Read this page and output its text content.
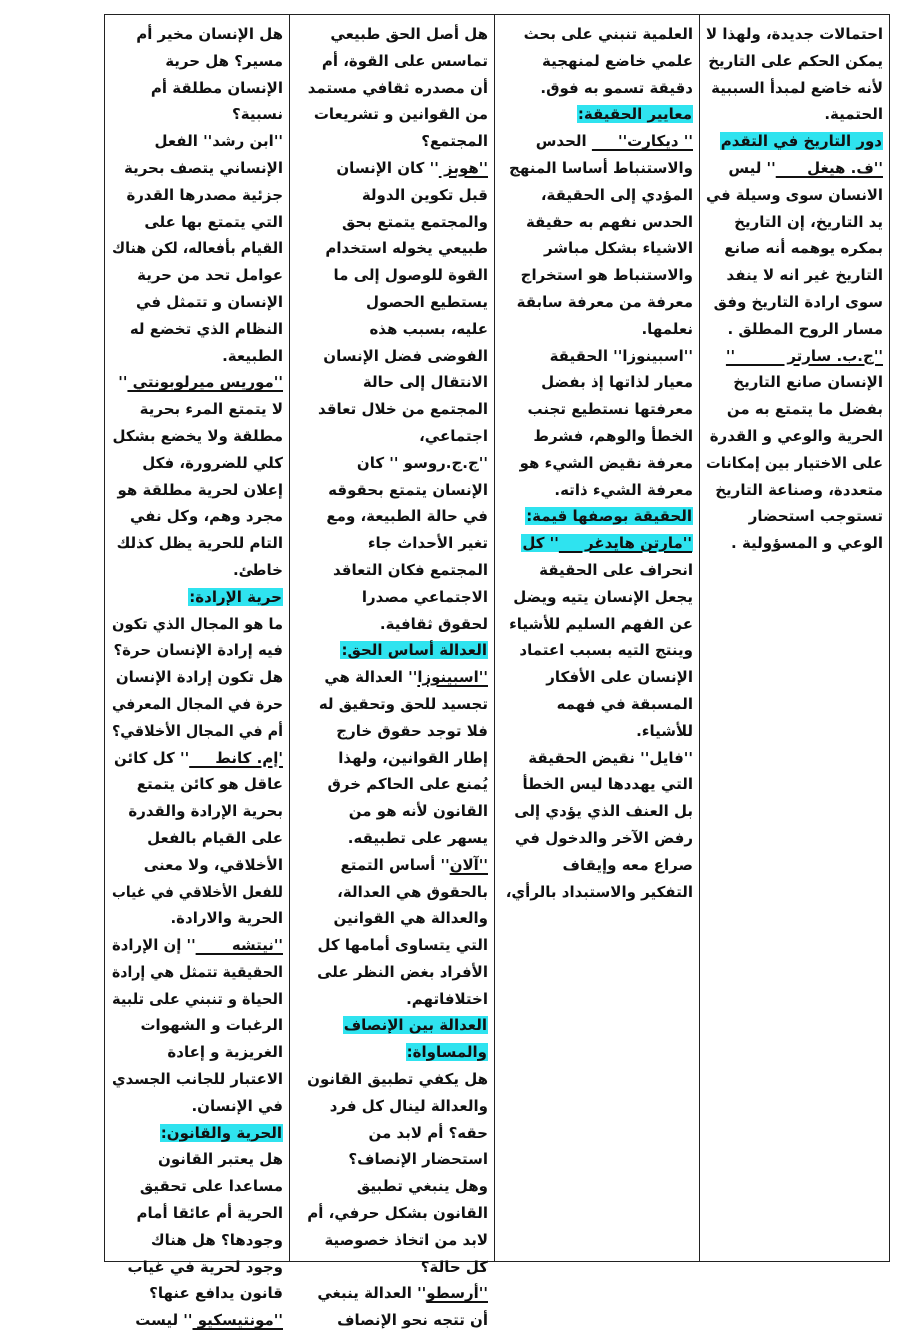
احتمالات جديدة، ولهذا لا
يمكن الحكم على التاريخ
لأنه خاضع لمبدأ السببية
الحتمية.
دور التاريخ في التقدم
''ف. هيغل      '' ليس
الانسان سوى وسيلة في
يد التاريخ، إن التاريخ
بمكره يوهمه أنه صانع
التاريخ غير انه لا ينفد
سوى ارادة التاريخ وفق
مسار الروح المطلق .
''ج.ب. سارتر          ''
الإنسان صانع التاريخ
بفضل ما يتمتع به من
الحرية والوعي و القدرة
على الاختيار بين إمكانات
متعددة، وصناعة التاريخ
تستوجب استحضار
الوعي و المسؤولية .
العلمية تنبني على بحث
علمي خاضع لمنهجية
دقيقة تسمو به فوق.
معايير الحقيقة:
'' ديكارت''      الحدس
والاستنباط أساسا المنهج
المؤدي إلى الحقيقة،
الحدس نفهم به حقيقة
الاشياء بشكل مباشر
والاستنباط هو استخراج
معرفة من معرفة سابقة
نعلمها.
''اسبينوزا'' الحقيقة
معيار لذاتها إذ بفضل
معرفتها نستطيع تجنب
الخطأ والوهم، فشرط
معرفة نقيض الشيء هو
معرفة الشيء ذاته.
الحقيقة بوصفها قيمة:
''مارتن هايدغر     '' كل
انحراف على الحقيقة
يجعل الإنسان يتيه ويضل
عن الفهم السليم للأشياء
وينتج التيه بسبب اعتماد
الإنسان على الأفكار
المسبقة في فهمه
للأشياء.
''فايل'' نقيض الحقيقة
التي يهددها ليس الخطأ
بل العنف الذي يؤدي إلى
رفض الآخر والدخول في
صراع معه وإيقاف
التفكير والاستبداد بالرأي،
هل أصل الحق طبيعي
تماسس على القوة، أم
أن مصدره ثقافي مستمد
من القوانين و تشريعات
المجتمع؟
''هوبز '' كان الإنسان
قبل تكوين الدولة
والمجتمع يتمتع بحق
طبيعي يخوله استخدام
القوة للوصول إلى ما
يستطيع الحصول
عليه، بسبب هذه
الفوضى فضل الإنسان
الانتقال إلى حالة
المجتمع من خلال تعاقد
اجتماعي،
''ج.ج.روسو '' كان
الإنسان يتمتع بحقوقه
في حالة الطبيعة، ومع
تغير الأحداث جاء
المجتمع فكان التعاقد
الاجتماعي مصدرا
لحقوق ثقافية.
العدالة أساس الحق:
''اسبينوزا'' العدالة هي
تجسيد للحق وتحقيق له
فلا توجد حقوق خارج
إطار القوانين، ولهذا
يُمنع على الحاكم خرق
القانون لأنه هو من
يسهر على تطبيقه.
''آلان'' أساس التمتع
بالحقوق هي العدالة،
والعدالة هي القوانين
التي يتساوى أمامها كل
الأفراد بغض النظر على
اختلافاتهم.
العدالة بين الإنصاف
والمساواة:
هل يكفي تطبيق القانون
والعدالة لينال كل فرد
حقه؟ أم لابد من
استحضار الإنصاف؟
وهل ينبغي تطبيق
القانون بشكل حرفي، أم
لابد من اتخاذ خصوصية
كل حالة؟
''أرسطو'' العدالة ينبغي
أن تتجه نحو الإنصاف
هل الإنسان مخير أم
مسير؟ هل حرية
الإنسان مطلقة أم
نسبية؟
''ابن رشد'' الفعل
الإنساني يتصف بحرية
جزئية مصدرها القدرة
التي يتمتع بها على
القيام بأفعاله، لكن هناك
عوامل تحد من حرية
الإنسان و تتمثل في
النظام الذي تخضع له
الطبيعة.
''موريس ميرلوبونتي ''
لا يتمتع المرء بحرية
مطلقة ولا يخضع بشكل
كلي للضرورة، فكل
إعلان لحرية مطلقة هو
مجرد وهم، وكل نفي
التام للحرية يظل كذلك
خاطئ.
حرية الإرادة:
ما هو المجال الذي تكون
فيه إرادة الإنسان حرة؟
هل تكون إرادة الإنسان
حرة في المجال المعرفي
أم في المجال الأخلاقي؟
'إم. كانط     '' كل كائن
عاقل هو كائن يتمتع
بحرية الإرادة والقدرة
على القيام بالفعل
الأخلاقي، ولا معنى
للفعل الأخلاقي في غياب
الحرية والارادة.
''نيتشه       '' إن الإرادة
الحقيقية تتمثل هي إرادة
الحياة و تنبني على تلبية
الرغبات و الشهوات
الغريزية و إعادة
الاعتبار للجانب الجسدي
في الإنسان.
الحرية والقانون:
هل يعتبر القانون
مساعدا على تحقيق
الحرية أم عائقا أمام
وجودها؟ هل هناك
وجود لحرية في غياب
قانون يدافع عنها؟
''مونتيسكيو '' ليست
